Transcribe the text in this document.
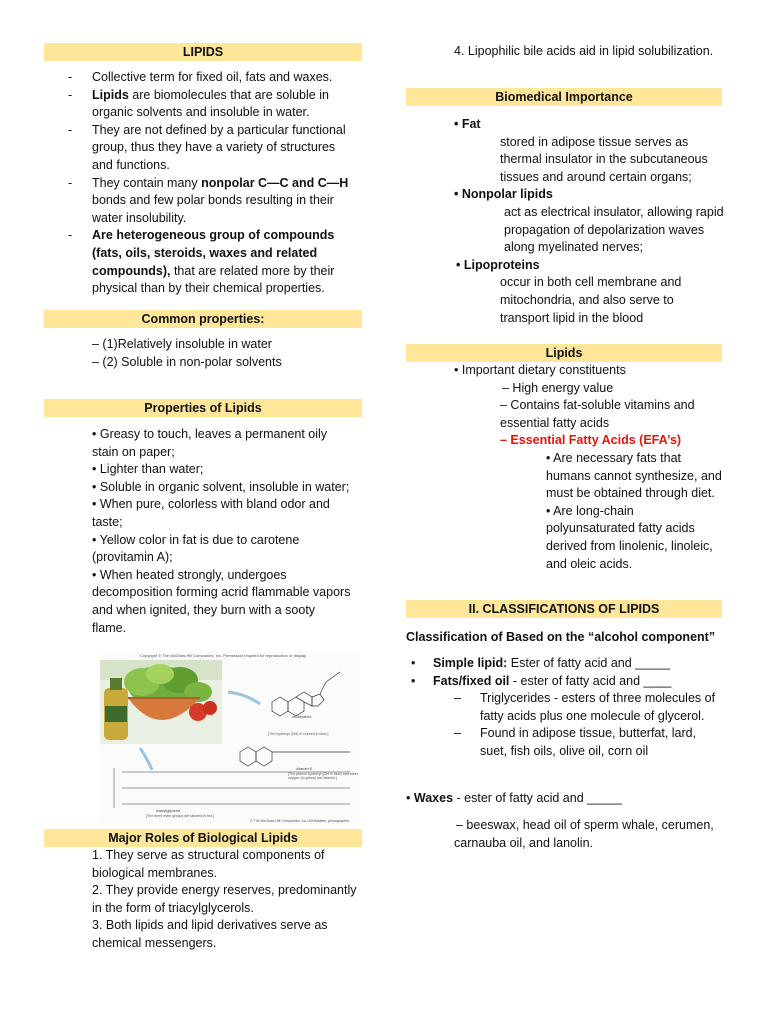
LIPIDS
- Collective term for fixed oil, fats and waxes.
- Lipids are biomolecules that are soluble in organic solvents and insoluble in water.
- They are not defined by a particular functional group, thus they have a variety of structures and functions.
- They contain many nonpolar C—C and C—H bonds and few polar bonds resulting in their water insolubility.
- Are heterogeneous group of compounds (fats, oils, steroids, waxes and related compounds), that are related more by their physical than by their chemical properties.
Common properties:
– (1)Relatively insoluble in water
– (2) Soluble in non-polar solvents
Properties of Lipids
• Greasy to touch, leaves a permanent oily stain on paper;
• Lighter than water;
• Soluble in organic solvent, insoluble in water; • When pure, colorless with bland odor and taste;
• Yellow color in fat is due to carotene (provitamin A);
• When heated strongly, undergoes decomposition forming acrid flammable vapors and when ignited, they burn with a sooty flame.
Copyright © The McGraw-Hill Companies, Inc. Permission required for reproduction or display.
cholesterol
[The hydroxyl (OH) is colored in blue.]
vitamin E
[The phenol hydroxyl (OH in blue) and ether oxygen (in green) are labeled.]
triacylglycerol
[The three ester groups are labeled in red.]
© The McGraw-Hill Companies, Inc./Jill Braaten, photographer
Major Roles of Biological Lipids
1. They serve as structural components of biological membranes.
2. They provide energy reserves, predominantly in the form of triacylglycerols.
3. Both lipids and lipid derivatives serve as chemical messengers.
4. Lipophilic bile acids aid in lipid solubilization.
Biomedical Importance
• Fat
stored in adipose tissue serves as thermal insulator in the subcutaneous tissues and around certain organs;
• Nonpolar lipids
act as electrical insulator, allowing rapid propagation of depolarization waves along myelinated nerves;
• Lipoproteins
occur in both cell membrane and mitochondria, and also serve to transport lipid in the blood
Lipids
• Important dietary constituents
– High energy value
– Contains fat-soluble vitamins and essential fatty acids
– Essential Fatty Acids (EFA’s)
• Are necessary fats that humans cannot synthesize, and must be obtained through diet.
• Are long-chain polyunsaturated fatty acids derived from linolenic, linoleic, and oleic acids.
II. CLASSIFICATIONS OF LIPIDS
Classification of Based on the “alcohol component”
• Simple lipid: Ester of fatty acid and _____
• Fats/fixed oil - ester of fatty acid and ____
– Triglycerides - esters of three molecules of fatty acids plus one molecule of glycerol.
– Found in adipose tissue, butterfat, lard, suet, fish oils, olive oil, corn oil
• Waxes - ester of fatty acid and _____
– beeswax, head oil of sperm whale, cerumen, carnauba oil, and lanolin.
